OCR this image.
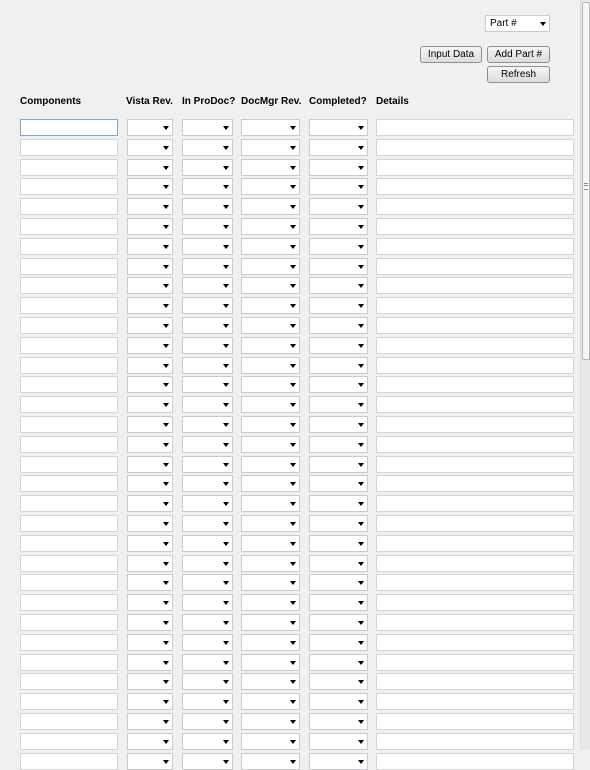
Part #
Input Data	Add Part #
Refresh
Components	Vista Rev. In ProDoc? DocMgr Rev. Completed? Details
